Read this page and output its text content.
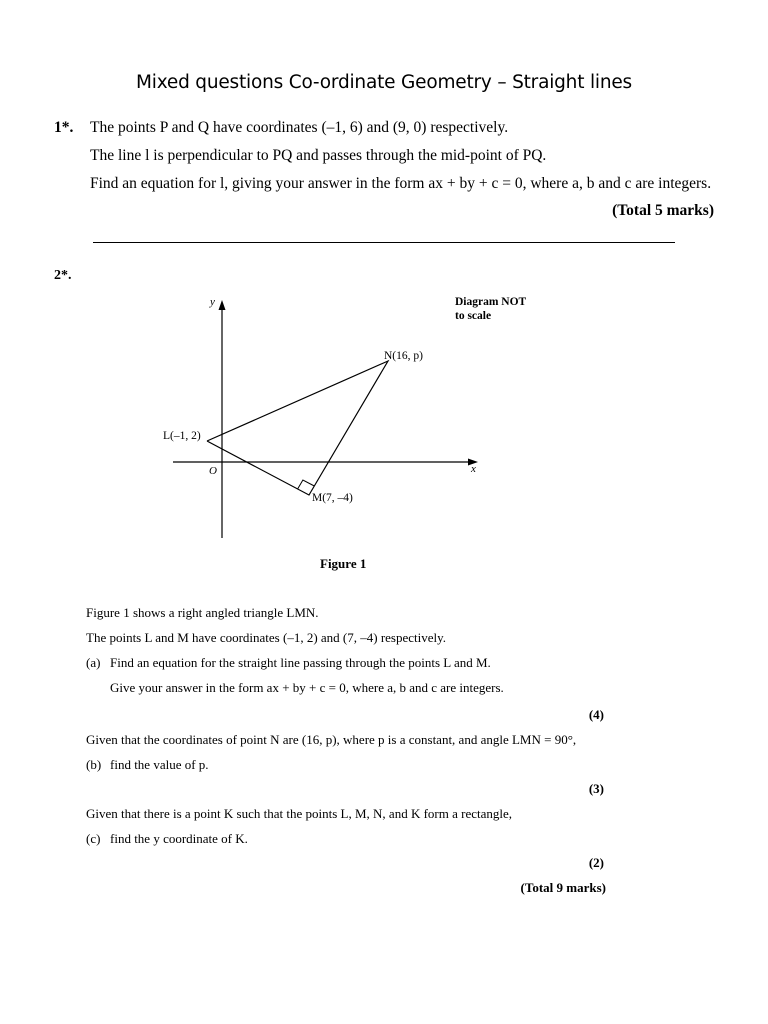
Mixed questions Co-ordinate Geometry – Straight lines
1*. The points P and Q have coordinates (–1, 6) and (9, 0) respectively.
The line l is perpendicular to PQ and passes through the mid-point of PQ.
Find an equation for l, giving your answer in the form ax + by + c = 0, where a, b and c are integers.
(Total 5 marks)
2*.
y
x
O
N(16, p)
L(–1, 2)
M(7, –4)
Diagram NOT
to scale
Figure 1
Figure 1 shows a right angled triangle LMN.
The points L and M have coordinates (–1, 2) and (7, –4) respectively.
(a) Find an equation for the straight line passing through the points L and M.
Give your answer in the form ax + by + c = 0, where a, b and c are integers.
(4)
Given that the coordinates of point N are (16, p), where p is a constant, and angle LMN = 90°,
(b) find the value of p.
(3)
Given that there is a point K such that the points L, M, N, and K form a rectangle,
(c) find the y coordinate of K.
(2)
(Total 9 marks)
